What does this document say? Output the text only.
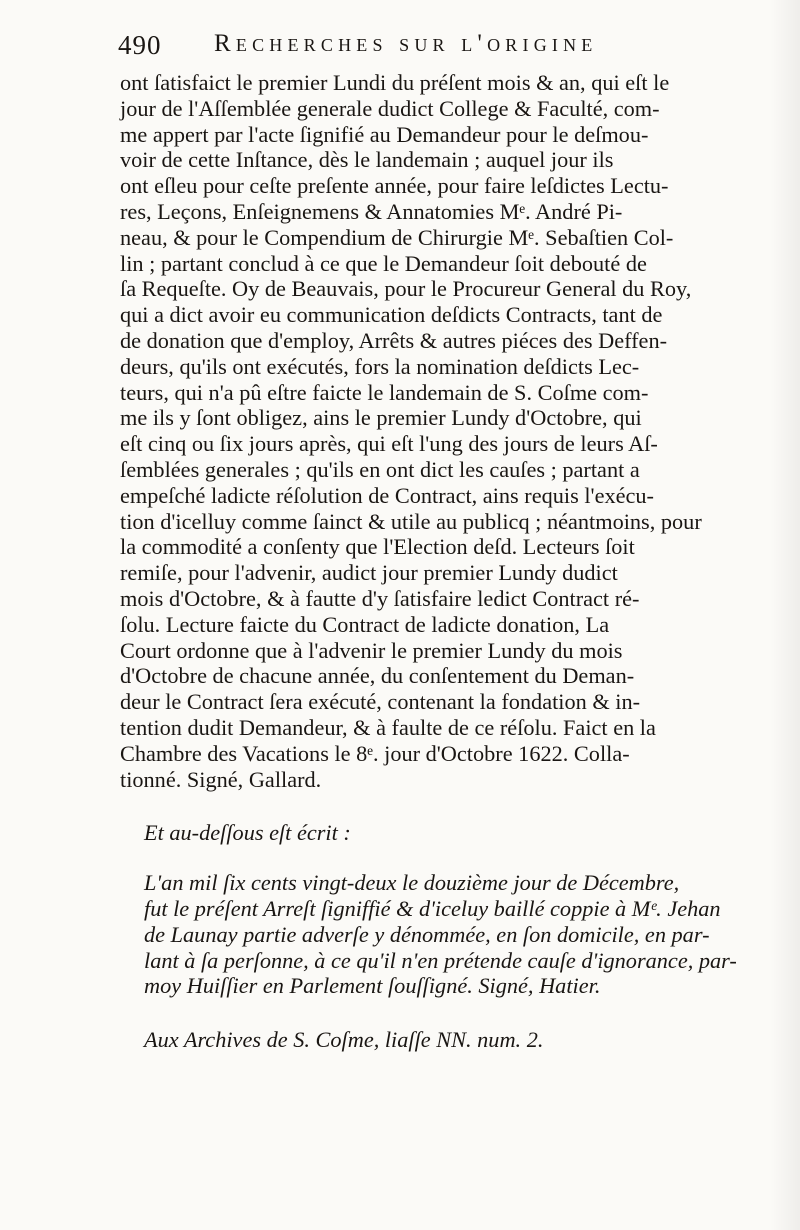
490 Recherches sur l'origine
ont ſatisfaict le premier Lundi du préſent mois & an, qui eſt le
jour de l'Aſſemblée generale dudict College & Faculté, com-
me appert par l'acte ſignifié au Demandeur pour le deſmou-
voir de cette Inſtance, dès le landemain ; auquel jour ils
ont eſleu pour ceſte preſente année, pour faire leſdictes Lectu-
res, Leçons, Enſeignemens & Annatomies Mᵉ. André Pi-
neau, & pour le Compendium de Chirurgie Mᵉ. Sebaſtien Col-
lin ; partant conclud à ce que le Demandeur ſoit debouté de
ſa Requeſte. Oy de Beauvais, pour le Procureur General du Roy,
qui a dict avoir eu communication deſdicts Contracts, tant de
de donation que d'employ, Arrêts & autres piéces des Deffen-
deurs, qu'ils ont exécutés, fors la nomination deſdicts Lec-
teurs, qui n'a pû eſtre faicte le landemain de S. Coſme com-
me ils y ſont obligez, ains le premier Lundy d'Octobre, qui
eſt cinq ou ſix jours après, qui eſt l'ung des jours de leurs Aſ-
ſemblées generales ; qu'ils en ont dict les cauſes ; partant a
empeſché ladicte réſolution de Contract, ains requis l'exécu-
tion d'icelluy comme ſainct & utile au publicq ; néantmoins, pour
la commodité a conſenty que l'Election deſd. Lecteurs ſoit
remiſe, pour l'advenir, audict jour premier Lundy dudict
mois d'Octobre, & à fautte d'y ſatisfaire ledict Contract ré-
ſolu. Lecture faicte du Contract de ladicte donation, La
Court ordonne que à l'advenir le premier Lundy du mois
d'Octobre de chacune année, du conſentement du Deman-
deur le Contract ſera exécuté, contenant la fondation & in-
tention dudit Demandeur, & à faulte de ce réſolu. Faict en la
Chambre des Vacations le 8ᵉ. jour d'Octobre 1622. Colla-
tionné. Signé, Gallard.
Et au-deſſous eſt écrit :
L'an mil ſix cents vingt-deux le douzième jour de Décembre,
fut le préſent Arreſt ſigniffié & d'iceluy baillé coppie à Mᵉ. Jehan
de Launay partie adverſe y dénommée, en ſon domicile, en par-
lant à ſa perſonne, à ce qu'il n'en prétende cauſe d'ignorance, par-
moy Huiſſier en Parlement ſouſſigné. Signé, Hatier.
Aux Archives de S. Coſme, liaſſe NN. num. 2.
